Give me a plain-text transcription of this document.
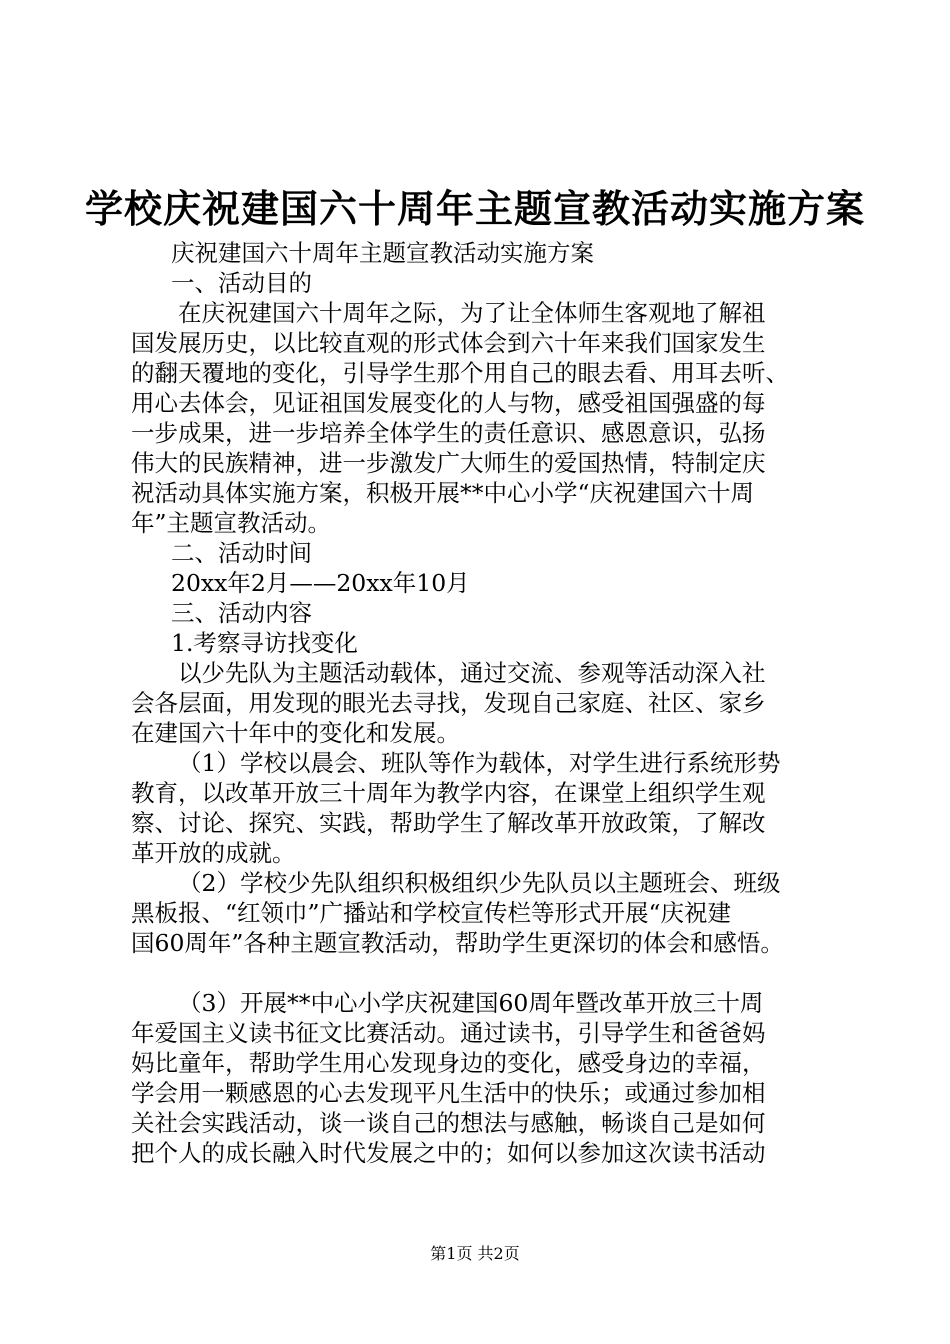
学校庆祝建国六十周年主题宣教活动实施方案
庆祝建国六十周年主题宣教活动实施方案
一、活动目的
在庆祝建国六十周年之际，为了让全体师生客观地了解祖
国发展历史，以比较直观的形式体会到六十年来我们国家发生
的翻天覆地的变化，引导学生那个用自己的眼去看、用耳去听、
用心去体会，见证祖国发展变化的人与物，感受祖国强盛的每
一步成果，进一步培养全体学生的责任意识、感恩意识，弘扬
伟大的民族精神，进一步激发广大师生的爱国热情，特制定庆
祝活动具体实施方案，积极开展**中心小学“庆祝建国六十周
年”主题宣教活动。
二、活动时间
20xx年2月——20xx年10月
三、活动内容
1.考察寻访找变化
以少先队为主题活动载体，通过交流、参观等活动深入社
会各层面，用发现的眼光去寻找，发现自己家庭、社区、家乡
在建国六十年中的变化和发展。
（1）学校以晨会、班队等作为载体，对学生进行系统形势
教育，以改革开放三十周年为教学内容，在课堂上组织学生观
察、讨论、探究、实践，帮助学生了解改革开放政策，了解改
革开放的成就。
（2）学校少先队组织积极组织少先队员以主题班会、班级
黑板报、“红领巾”广播站和学校宣传栏等形式开展“庆祝建
国60周年”各种主题宣教活动，帮助学生更深切的体会和感悟。
（3）开展**中心小学庆祝建国60周年暨改革开放三十周
年爱国主义读书征文比赛活动。通过读书，引导学生和爸爸妈
妈比童年，帮助学生用心发现身边的变化，感受身边的幸福，
学会用一颗感恩的心去发现平凡生活中的快乐；或通过参加相
关社会实践活动，谈一谈自己的想法与感触，畅谈自己是如何
把个人的成长融入时代发展之中的；如何以参加这次读书活动
第1页 共2页
